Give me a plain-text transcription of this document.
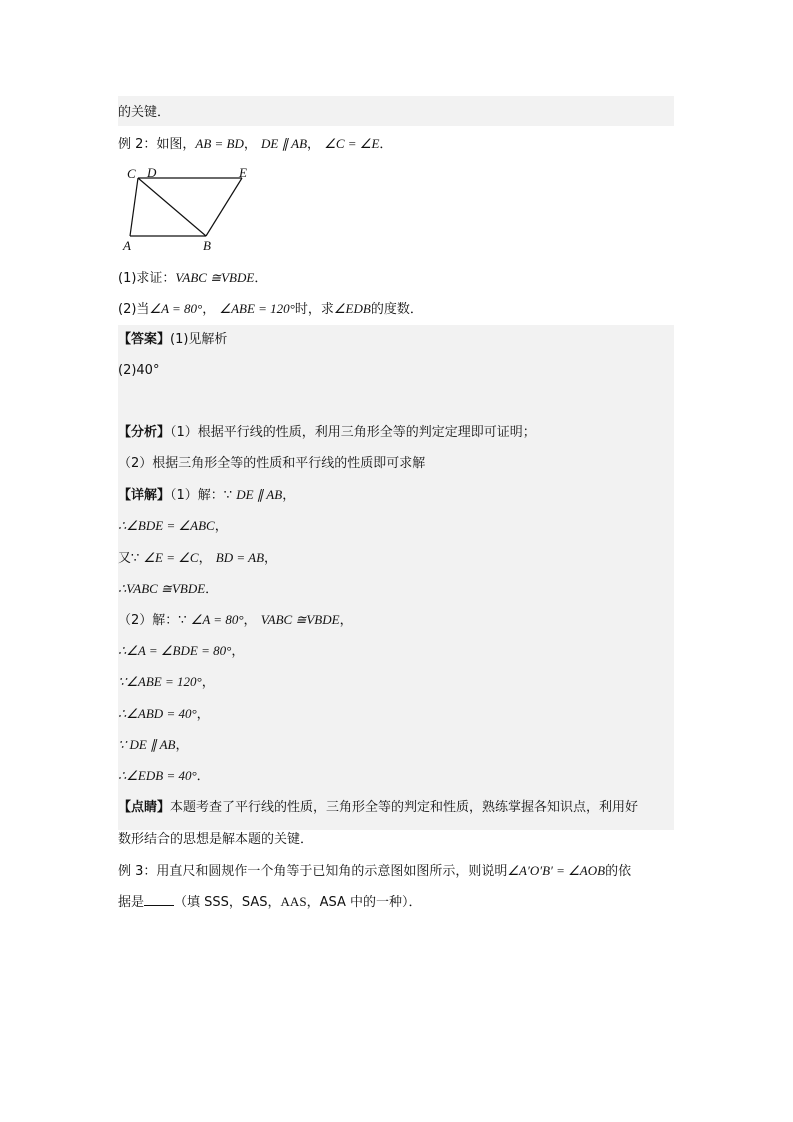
的关键．
例 2：如图，AB = BD， DE ∥ AB， ∠C = ∠E．
C D	E
A	B
(1)求证：VABC ≅VBDE．
(2)当∠A = 80°， ∠ABE = 120°时，求∠EDB的度数．
【答案】(1)见解析
(2)40°
【分析】（1）根据平行线的性质，利用三角形全等的判定定理即可证明；
（2）根据三角形全等的性质和平行线的性质即可求解
【详解】（1）解：∵ DE ∥ AB，
∴∠BDE = ∠ABC，
又∵ ∠E = ∠C， BD = AB，
∴VABC ≅VBDE．
（2）解：∵ ∠A = 80°， VABC ≅VBDE，
∴∠A = ∠BDE = 80°，
∵∠ABE = 120°，
∴∠ABD = 40°，
∵ DE ∥ AB，
∴∠EDB = 40°．
【点睛】本题考查了平行线的性质，三角形全等的判定和性质，熟练掌握各知识点，利用好
数形结合的思想是解本题的关键．
例 3：用直尺和圆规作一个角等于已知角的示意图如图所示，则说明∠A′O′B′ = ∠AOB的依
据是 （填 SSS，SAS，AAS，ASA 中的一种）．
